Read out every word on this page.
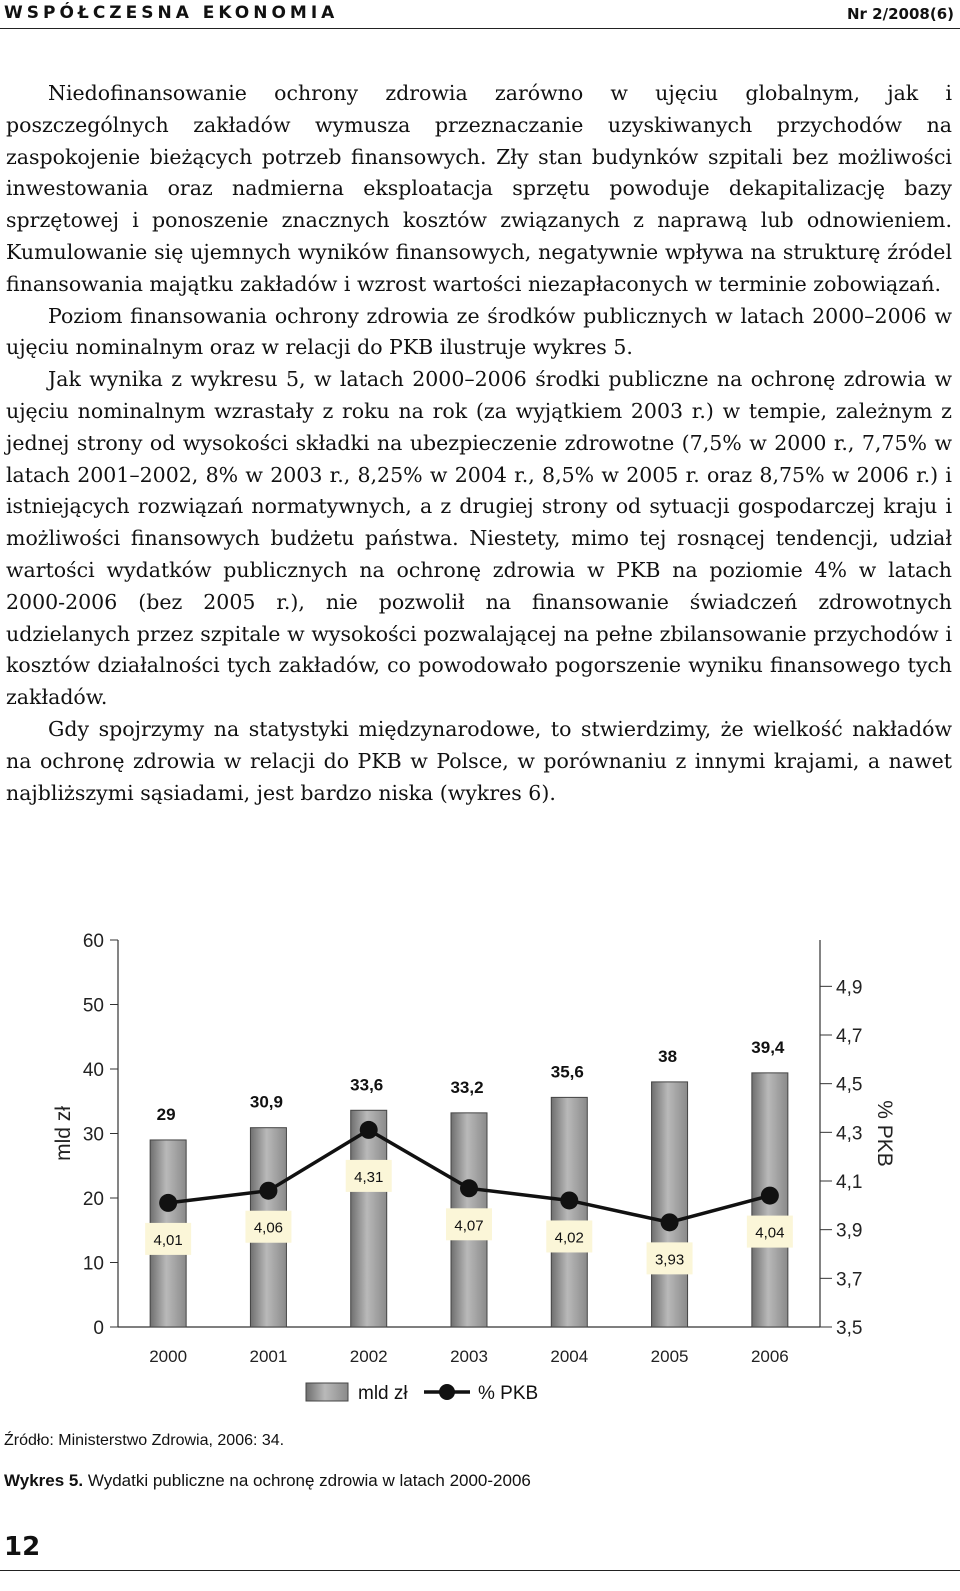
WSPÓŁCZESNA EKONOMIA	Nr 2/2008(6)

Niedofinansowanie ochrony zdrowia zarówno w ujęciu globalnym, jak i poszczególnych zakładów wymusza przeznaczanie uzyskiwanych przychodów na zaspokojenie bieżących potrzeb finansowych. Zły stan budynków szpitali bez możliwości inwestowania oraz nadmierna eksploatacja sprzętu powoduje dekapitalizację bazy sprzętowej i ponoszenie znacznych kosztów związanych z naprawą lub odnowieniem. Kumulowanie się ujemnych wyników finansowych, negatywnie wpływa na strukturę źródel finansowania majątku zakładów i wzrost wartości niezapłaconych w terminie zobowiązań.

Poziom finansowania ochrony zdrowia ze środków publicznych w latach 2000–2006 w ujęciu nominalnym oraz w relacji do PKB ilustruje wykres 5.

Jak wynika z wykresu 5, w latach 2000–2006 środki publiczne na ochronę zdrowia w ujęciu nominalnym wzrastały z roku na rok (za wyjątkiem 2003 r.) w tempie, zależnym z jednej strony od wysokości składki na ubezpieczenie zdrowotne (7,5% w 2000 r., 7,75% w latach 2001–2002, 8% w 2003 r., 8,25% w 2004 r., 8,5% w 2005 r. oraz 8,75% w 2006 r.) i istniejących rozwiązań normatywnych, a z drugiej strony od sytuacji gospodarczej kraju i możliwości finansowych budżetu państwa. Niestety, mimo tej rosnącej tendencji, udział wartości wydatków publicznych na ochronę zdrowia w PKB na poziomie 4% w latach 2000-2006 (bez 2005 r.), nie pozwolił na finansowanie świadczeń zdrowotnych udzielanych przez szpitale w wysokości pozwalającej na pełne zbilansowanie przychodów i kosztów działalności tych zakładów, co powodowało pogorszenie wyniku finansowego tych zakładów.

Gdy spojrzymy na statystyki międzynarodowe, to stwierdzimy, że wielkość nakładów na ochronę zdrowia w relacji do PKB w Polsce, w porównaniu z innymi krajami, a nawet najbliższymi sąsiadami, jest bardzo niska (wykres 6).

0
10
20
30
40
50
60
3,5
3,7
3,9
4,1
4,3
4,5
4,7
4,9
mld zł	% PKB
2000	2001	2002	2003	2004	2005	2006
29
30,9
33,6	33,2
35,6
38	39,4
4,01
4,06
4,31
4,07
4,02
3,93
4,04
mld zł	% PKB
Źródło: Ministerstwo Zdrowia, 2006: 34.
Wykres 5. Wydatki publiczne na ochronę zdrowia w latach 2000-2006
12
